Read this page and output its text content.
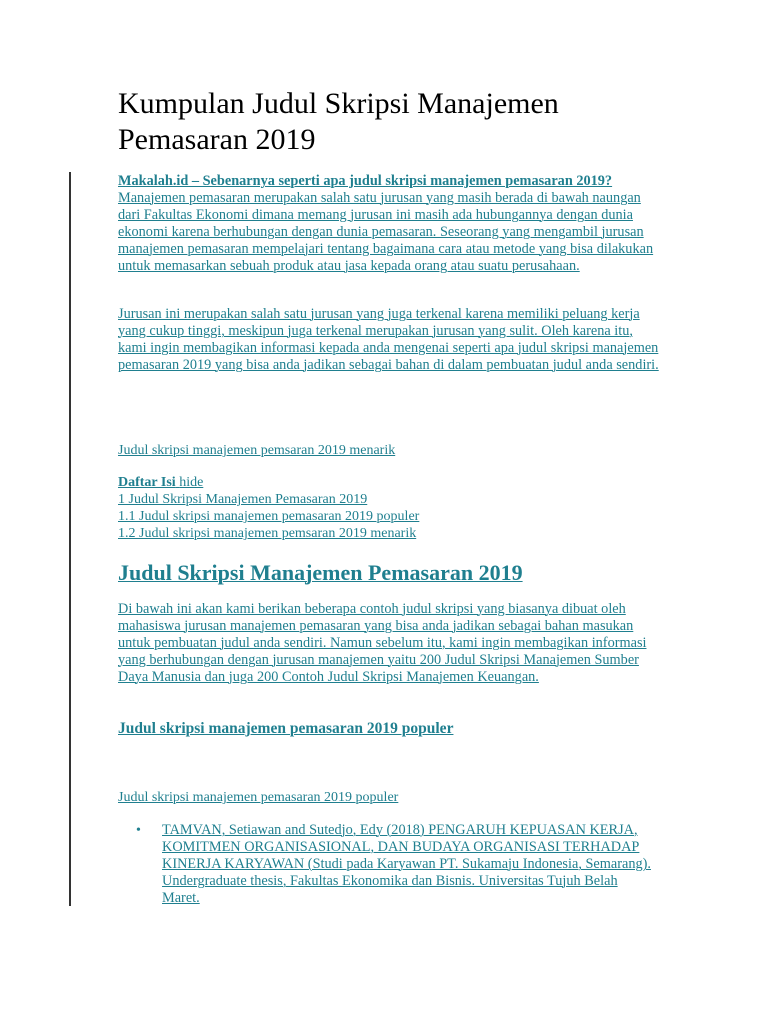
Kumpulan Judul Skripsi Manajemen Pemasaran 2019

Makalah.id – Sebenarnya seperti apa judul skripsi manajemen pemasaran 2019? Manajemen pemasaran merupakan salah satu jurusan yang masih berada di bawah naungan dari Fakultas Ekonomi dimana memang jurusan ini masih ada hubungannya dengan dunia ekonomi karena berhubungan dengan dunia pemasaran. Seseorang yang mengambil jurusan manajemen pemasaran mempelajari tentang bagaimana cara atau metode yang bisa dilakukan untuk memasarkan sebuah produk atau jasa kepada orang atau suatu perusahaan.

Jurusan ini merupakan salah satu jurusan yang juga terkenal karena memiliki peluang kerja yang cukup tinggi, meskipun juga terkenal merupakan jurusan yang sulit. Oleh karena itu, kami ingin membagikan informasi kepada anda mengenai seperti apa judul skripsi manajemen pemasaran 2019 yang bisa anda jadikan sebagai bahan di dalam pembuatan judul anda sendiri.

Judul skripsi manajemen pemsaran 2019 menarik

Daftar Isi hide
1 Judul Skripsi Manajemen Pemasaran 2019
1.1 Judul skripsi manajemen pemasaran 2019 populer
1.2 Judul skripsi manajemen pemsaran 2019 menarik
Judul Skripsi Manajemen Pemasaran 2019

Di bawah ini akan kami berikan beberapa contoh judul skripsi yang biasanya dibuat oleh mahasiswa jurusan manajemen pemasaran yang bisa anda jadikan sebagai bahan masukan untuk pembuatan judul anda sendiri. Namun sebelum itu, kami ingin membagikan informasi yang berhubungan dengan jurusan manajemen yaitu 200 Judul Skripsi Manajemen Sumber Daya Manusia dan juga 200 Contoh Judul Skripsi Manajemen Keuangan.

Judul skripsi manajemen pemasaran 2019 populer

Judul skripsi manajemen pemasaran 2019 populer

• TAMVAN, Setiawan and Sutedjo, Edy (2018) PENGARUH KEPUASAN KERJA, KOMITMEN ORGANISASIONAL, DAN BUDAYA ORGANISASI TERHADAP KINERJA KARYAWAN (Studi pada Karyawan PT. Sukamaju Indonesia, Semarang). Undergraduate thesis, Fakultas Ekonomika dan Bisnis. Universitas Tujuh Belah Maret.
